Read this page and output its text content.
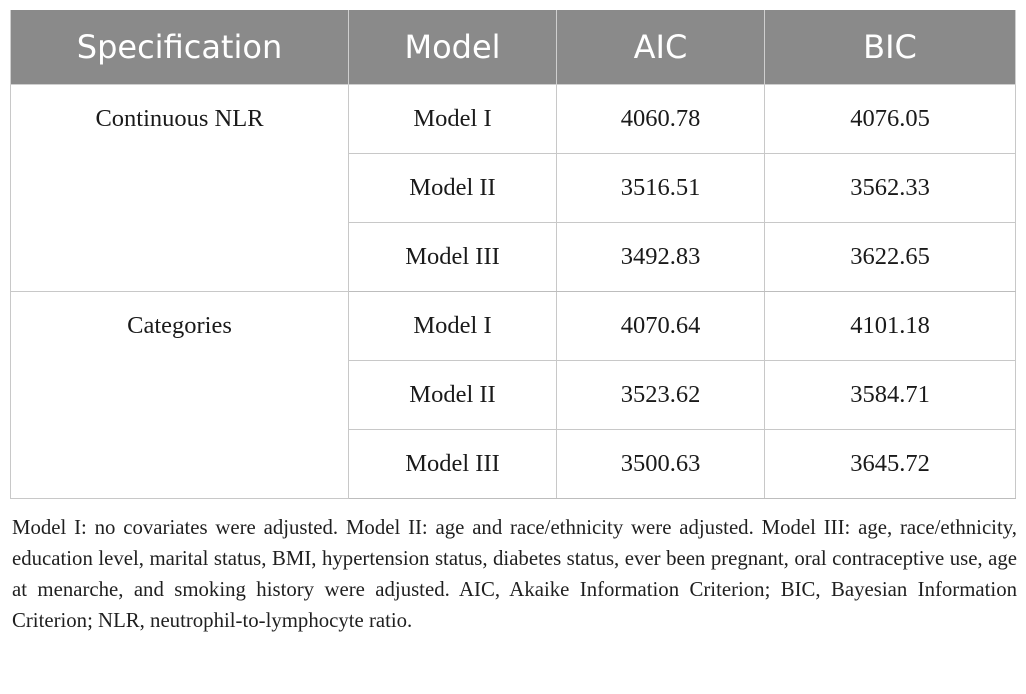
Specification	Model	AIC	BIC
Continuous NLR	Model I	4060.78	4076.05
	Model II	3516.51	3562.33
	Model III	3492.83	3622.65
Categories	Model I	4070.64	4101.18
	Model II	3523.62	3584.71
	Model III	3500.63	3645.72

Model I: no covariates were adjusted. Model II: age and race/ethnicity were adjusted. Model III: age, race/ethnicity, education level, marital status, BMI, hypertension status, diabetes status, ever been pregnant, oral contraceptive use, age at menarche, and smoking history were adjusted. AIC, Akaike Information Criterion; BIC, Bayesian Information Criterion; NLR, neutrophil-to-lymphocyte ratio.
